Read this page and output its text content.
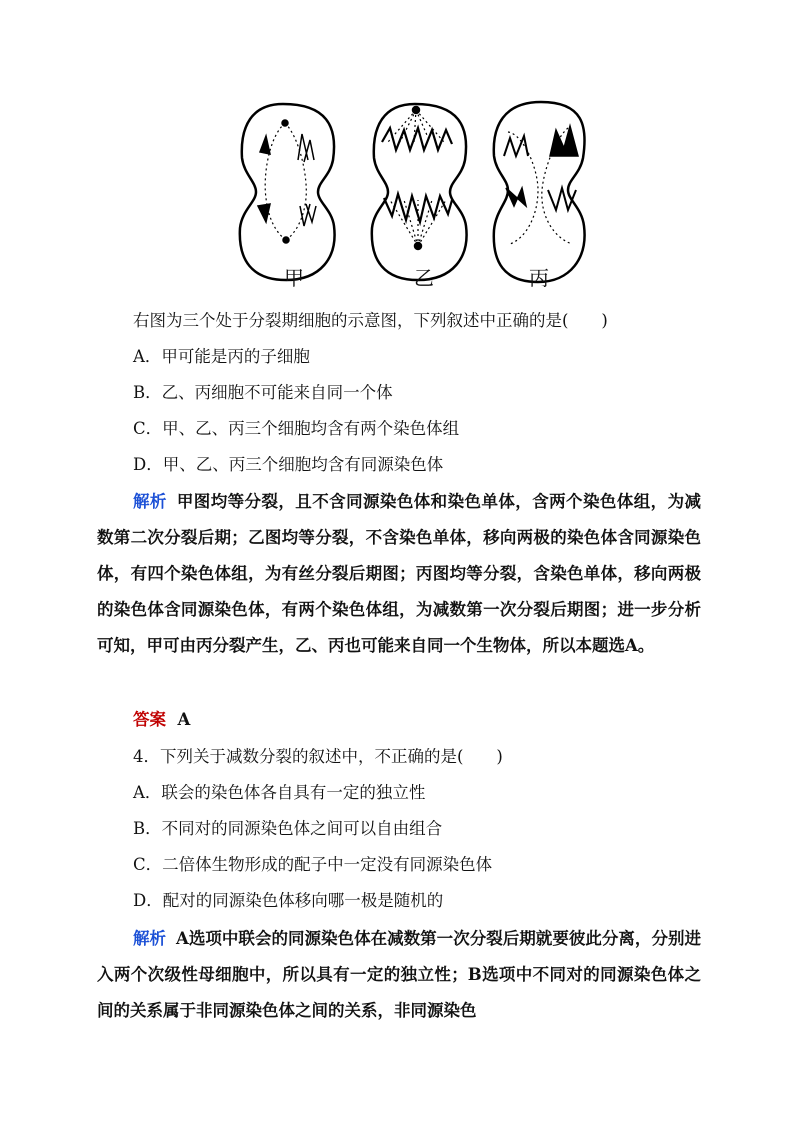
甲	乙	丙
右图为三个处于分裂期细胞的示意图，下列叙述中正确的是(　　)
A．甲可能是丙的子细胞
B．乙、丙细胞不可能来自同一个体
C．甲、乙、丙三个细胞均含有两个染色体组
D．甲、乙、丙三个细胞均含有同源染色体
解析 甲图均等分裂，且不含同源染色体和染色单体，含两个染色体组，为减数第二次分裂后期；乙图均等分裂，不含染色单体，移向两极的染色体含同源染色体，有四个染色体组，为有丝分裂后期图；丙图均等分裂，含染色单体，移向两极的染色体含同源染色体，有两个染色体组，为减数第一次分裂后期图；进一步分析可知，甲可由丙分裂产生，乙、丙也可能来自同一个生物体，所以本题选A。
答案 A
4．下列关于减数分裂的叙述中，不正确的是(　　)
A．联会的染色体各自具有一定的独立性
B．不同对的同源染色体之间可以自由组合
C．二倍体生物形成的配子中一定没有同源染色体
D．配对的同源染色体移向哪一极是随机的
解析 A选项中联会的同源染色体在减数第一次分裂后期就要彼此分离，分别进入两个次级性母细胞中，所以具有一定的独立性；B选项中不同对的同源染色体之间的关系属于非同源染色体之间的关系，非同源染色
